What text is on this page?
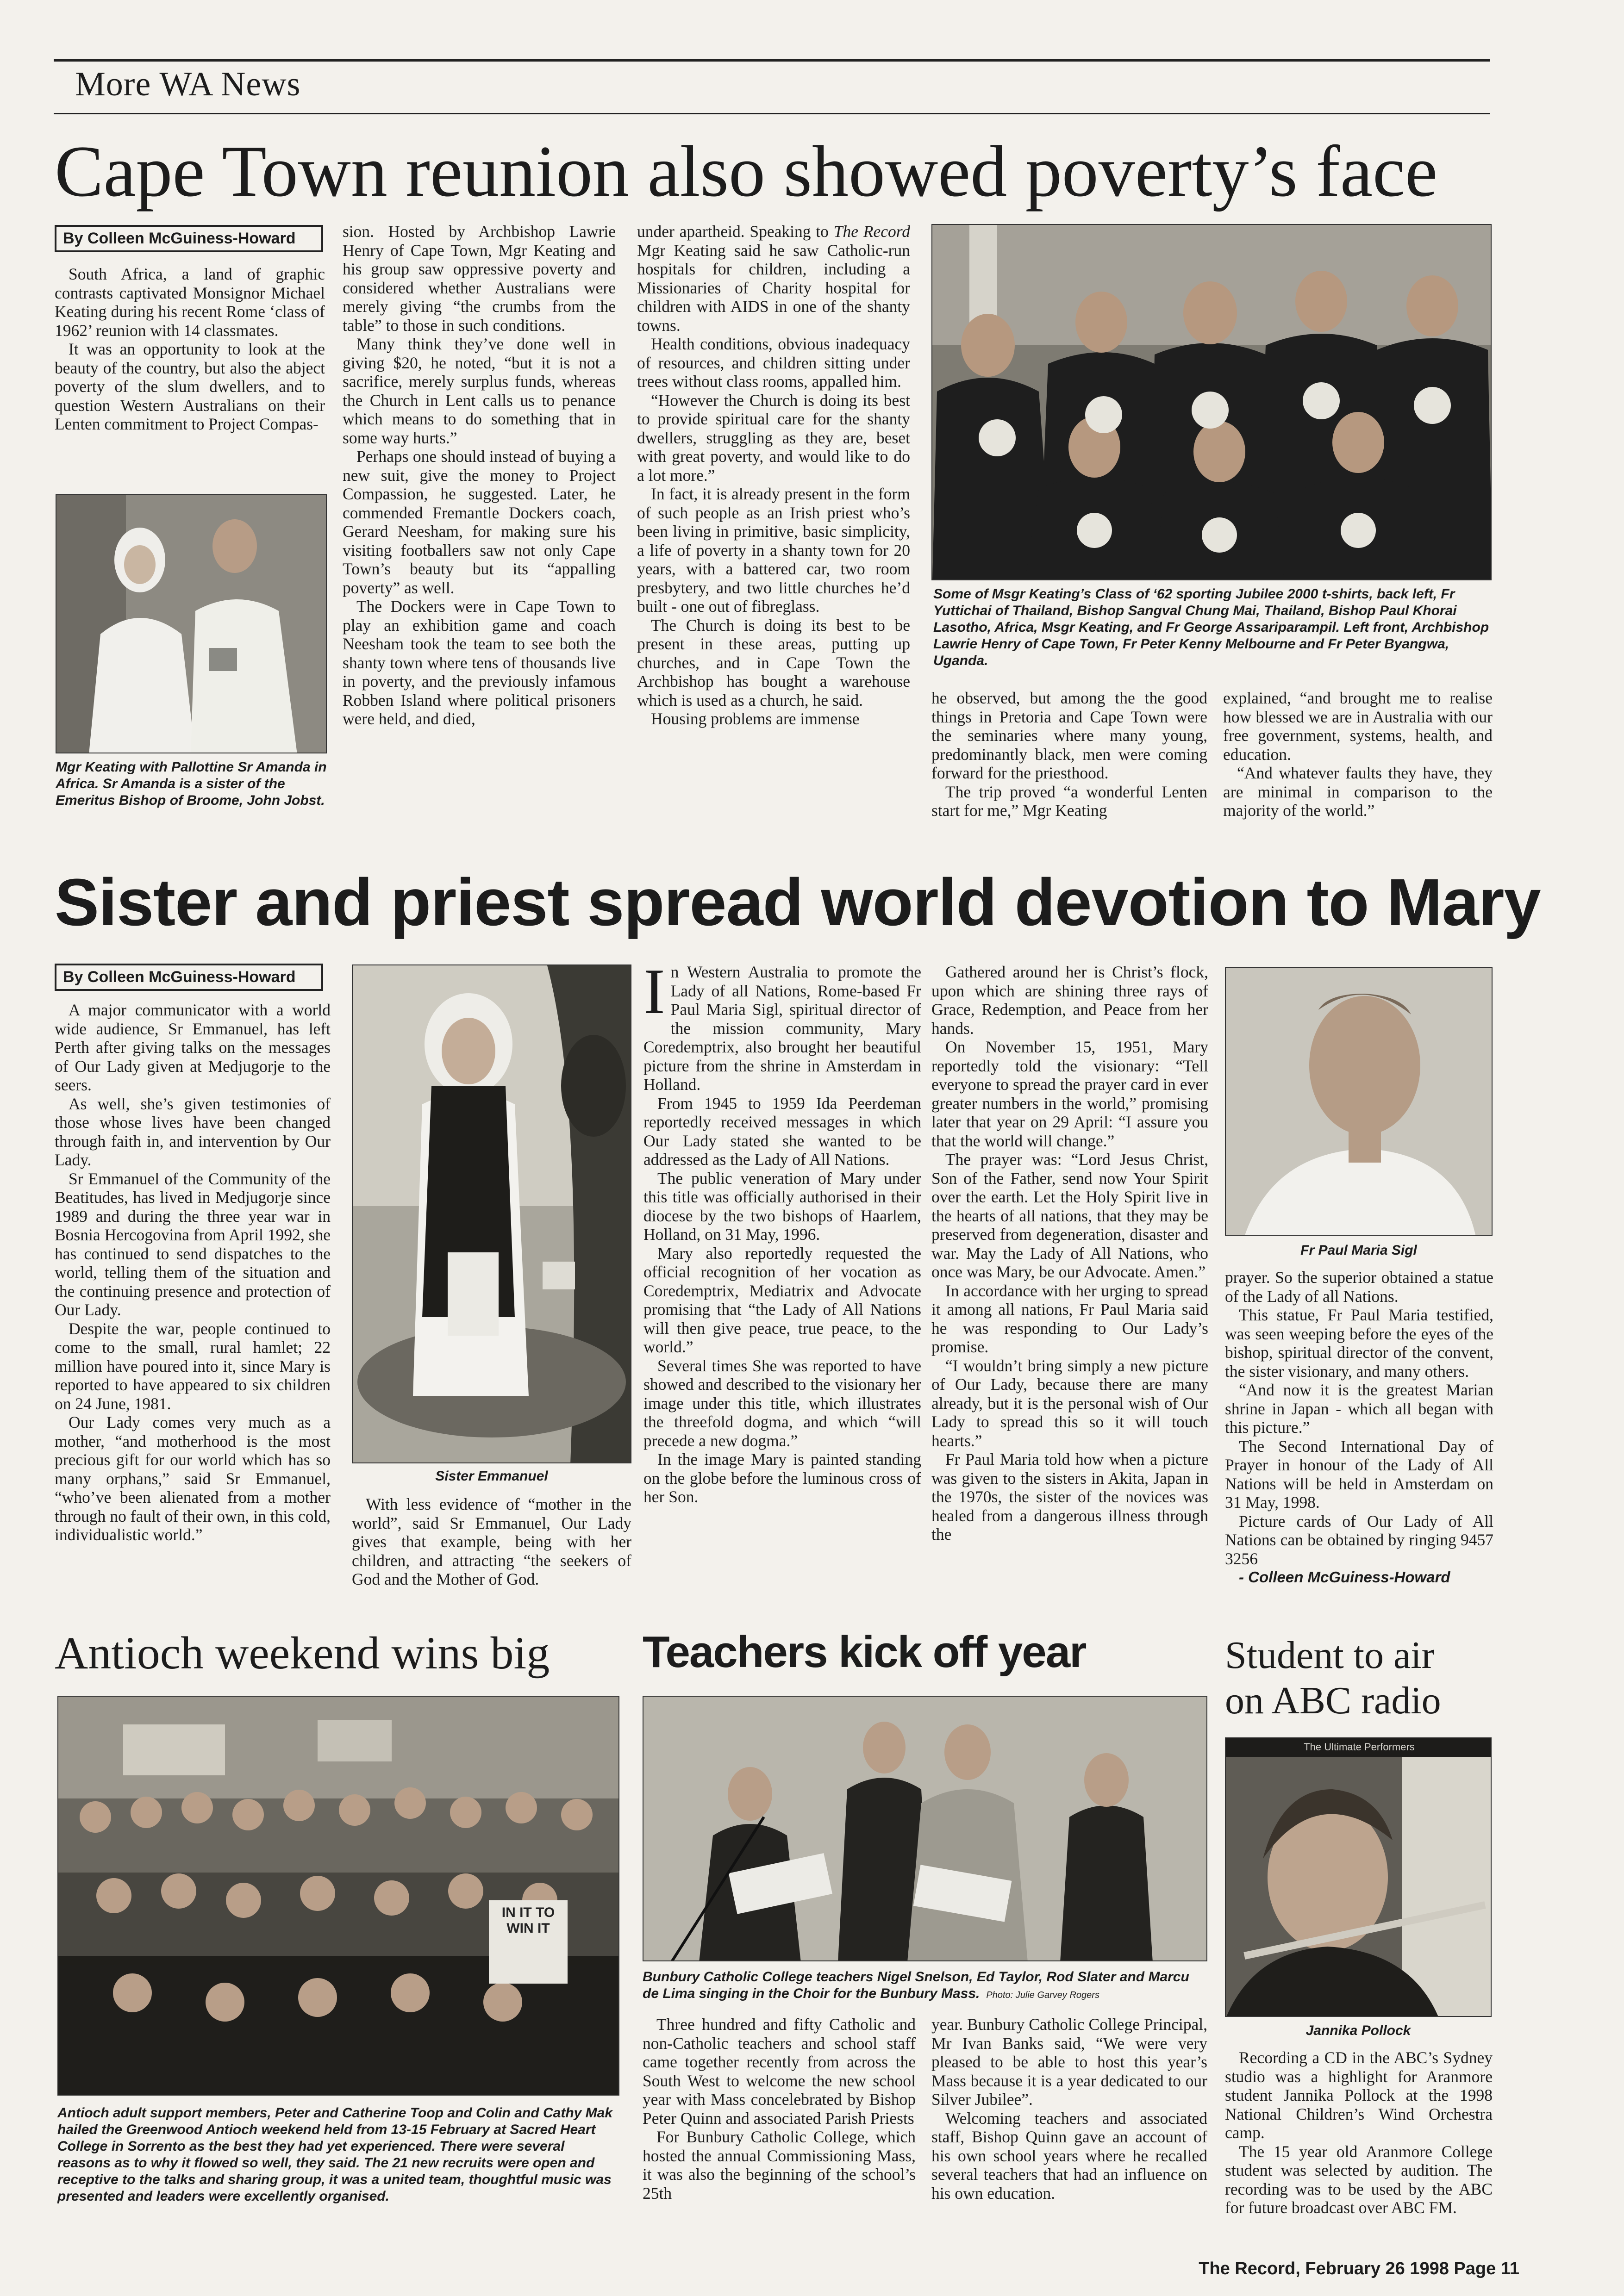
More WA News
Cape Town reunion also showed poverty’s face
By Colleen McGuiness-Howard

South Africa, a land of graphic contrasts captivated Monsignor Michael Keating during his recent Rome ‘class of 1962’ reunion with 14 classmates.

It was an opportunity to look at the beauty of the country, but also the abject poverty of the slum dwellers, and to question Western Australians on their Lenten commitment to Project Compas-

Mgr Keating with Pallottine Sr Amanda in Africa. Sr Amanda is a sister of the Emeritus Bishop of Broome, John Jobst.

sion. Hosted by Archbishop Lawrie Henry of Cape Town, Mgr Keating and his group saw oppressive poverty and considered whether Australians were merely giving “the crumbs from the table” to those in such conditions.

Many think they’ve done well in giving $20, he noted, “but it is not a sacrifice, merely surplus funds, whereas the Church in Lent calls us to penance which means to do something that in some way hurts.”

Perhaps one should instead of buying a new suit, give the money to Project Compassion, he suggested. Later, he commended Fremantle Dockers coach, Gerard Neesham, for making sure his visiting footballers saw not only Cape Town’s beauty but its “appalling poverty” as well.

The Dockers were in Cape Town to play an exhibition game and coach Neesham took the team to see both the shanty town where tens of thousands live in poverty, and the previously infamous Robben Island where political prisoners were held, and died,

under apartheid. Speaking to The Record Mgr Keating said he saw Catholic-run hospitals for children, including a Missionaries of Charity hospital for children with AIDS in one of the shanty towns.

Health conditions, obvious inadequacy of resources, and children sitting under trees without class rooms, appalled him.

“However the Church is doing its best to provide spiritual care for the shanty dwellers, struggling as they are, beset with great poverty, and would like to do a lot more.”

In fact, it is already present in the form of such people as an Irish priest who’s been living in primitive, basic simplicity, a life of poverty in a shanty town for 20 years, with a battered car, two room presbytery, and two little churches he’d built - one out of fibreglass.

The Church is doing its best to be present in these areas, putting up churches, and in Cape Town the Archbishop has bought a warehouse which is used as a church, he said.

Housing problems are immense

Some of Msgr Keating’s Class of ‘62 sporting Jubilee 2000 t-shirts, back left, Fr Yuttichai of Thailand, Bishop Sangval Chung Mai, Thailand, Bishop Paul Khorai Lasotho, Africa, Msgr Keating, and Fr George Assariparampil. Left front, Archbishop Lawrie Henry of Cape Town, Fr Peter Kenny Melbourne and Fr Peter Byangwa, Uganda.

he observed, but among the the good things in Pretoria and Cape Town were the seminaries where many young, predominantly black, men were coming forward for the priesthood.

The trip proved “a wonderful Lenten start for me,” Mgr Keating

explained, “and brought me to realise how blessed we are in Australia with our free government, systems, health, and education.

“And whatever faults they have, they are minimal in comparison to the majority of the world.”

Sister and priest spread world devotion to Mary
By Colleen McGuiness-Howard

A major communicator with a world wide audience, Sr Emmanuel, has left Perth after giving talks on the messages of Our Lady given at Medjugorje to the seers.

As well, she’s given testimonies of those whose lives have been changed through faith in, and intervention by Our Lady.

Sr Emmanuel of the Community of the Beatitudes, has lived in Medjugorje since 1989 and during the three year war in Bosnia Hercogovina from April 1992, she has continued to send dispatches to the world, telling them of the situation and the continuing presence and protection of Our Lady.

Despite the war, people continued to come to the small, rural hamlet; 22 million have poured into it, since Mary is reported to have appeared to six children on 24 June, 1981.

Our Lady comes very much as a mother, “and motherhood is the most precious gift for our world which has so many orphans,” said Sr Emmanuel, “who’ve been alienated from a mother through no fault of their own, in this cold, individualistic world.”

Sister Emmanuel

With less evidence of “mother in the world”, said Sr Emmanuel, Our Lady gives that example, being with her children, and attracting “the seekers of God and the Mother of God.

In Western Australia to promote the Lady of all Nations, Rome-based Fr Paul Maria Sigl, spiritual director of the mission community, Mary Coredemptrix, also brought her beautiful picture from the shrine in Amsterdam in Holland.

From 1945 to 1959 Ida Peerdeman reportedly received messages in which Our Lady stated she wanted to be addressed as the Lady of All Nations.

The public veneration of Mary under this title was officially authorised in their diocese by the two bishops of Haarlem, Holland, on 31 May, 1996.

Mary also reportedly requested the official recognition of her vocation as Coredemptrix, Mediatrix and Advocate promising that “the Lady of All Nations will then give peace, true peace, to the world.”

Several times She was reported to have showed and described to the visionary her image under this title, which illustrates the threefold dogma, and which “will precede a new dogma.”

In the image Mary is painted standing on the globe before the luminous cross of her Son.

Gathered around her is Christ’s flock, upon which are shining three rays of Grace, Redemption, and Peace from her hands.

On November 15, 1951, Mary reportedly told the visionary: “Tell everyone to spread the prayer card in ever greater numbers in the world,” promising later that year on 29 April: “I assure you that the world will change.”

The prayer was: “Lord Jesus Christ, Son of the Father, send now Your Spirit over the earth. Let the Holy Spirit live in the hearts of all nations, that they may be preserved from degeneration, disaster and war. May the Lady of All Nations, who once was Mary, be our Advocate. Amen.”

In accordance with her urging to spread it among all nations, Fr Paul Maria said he was responding to Our Lady’s promise.

“I wouldn’t bring simply a new picture of Our Lady, because there are many already, but it is the personal wish of Our Lady to spread this so it will touch hearts.”

Fr Paul Maria told how when a picture was given to the sisters in Akita, Japan in the 1970s, the sister of the novices was healed from a dangerous illness through the

Fr Paul Maria Sigl

prayer. So the superior obtained a statue of the Lady of all Nations.

This statue, Fr Paul Maria testified, was seen weeping before the eyes of the bishop, spiritual director of the convent, the sister visionary, and many others.

“And now it is the greatest Marian shrine in Japan - which all began with this picture.”

The Second International Day of Prayer in honour of the Lady of All Nations will be held in Amsterdam on 31 May, 1998.

Picture cards of Our Lady of All Nations can be obtained by ringing 9457 3256

- Colleen McGuiness-Howard

Antioch weekend wins big
IN IT TO WIN IT
Antioch adult support members, Peter and Catherine Toop and Colin and Cathy Mak hailed the Greenwood Antioch weekend held from 13-15 February at Sacred Heart College in Sorrento as the best they had yet experienced. There were several reasons as to why it flowed so well, they said. The 21 new recruits were open and receptive to the talks and sharing group, it was a united team, thoughtful music was presented and leaders were excellently organised.
Teachers kick off year
Bunbury Catholic College teachers Nigel Snelson, Ed Taylor, Rod Slater and Marcu de Lima singing in the Choir for the Bunbury Mass. Photo: Julie Garvey Rogers

Three hundred and fifty Catholic and non-Catholic teachers and school staff came together recently from across the South West to welcome the new school year with Mass concelebrated by Bishop Peter Quinn and associated Parish Priests

For Bunbury Catholic College, which hosted the annual Commissioning Mass, it was also the beginning of the school’s 25th

year. Bunbury Catholic College Principal, Mr Ivan Banks said, “We were very pleased to be able to host this year’s Mass because it is a year dedicated to our Silver Jubilee”.

Welcoming teachers and associated staff, Bishop Quinn gave an account of his own school years where he recalled several teachers that had an influence on his own education.

Student to air
on ABC radio
The Ultimate Performers
Jannika Pollock

Recording a CD in the ABC’s Sydney studio was a highlight for Aranmore student Jannika Pollock at the 1998 National Children’s Wind Orchestra camp.

The 15 year old Aranmore College student was selected by audition. The recording was to be used by the ABC for future broadcast over ABC FM.

The Record, February 26 1998 Page 11
